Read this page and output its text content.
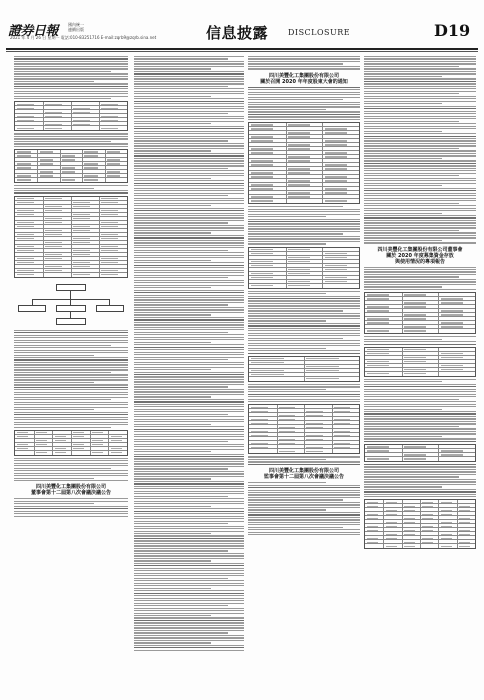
證券日報 國內統一
連續出版
2021 年 4 月 26 日 星期一 電話:010-83251716 E-mail:zqrb9@zqrb.sina.net	信息披露 DISCLOSURE	D19
四川美豐化工集團股份有限公司
董事會第十二屆第八次會議決議公告
四川美豐化工集團股份有限公司
關於召開 2020 年年度股東大會的通知
四川美豐化工集團股份有限公司
監事會第十二屆第八次會議決議公告
四川美豐化工集團股份有限公司董事會
關於 2020 年度募集資金存放
與使用情況的專項報告
